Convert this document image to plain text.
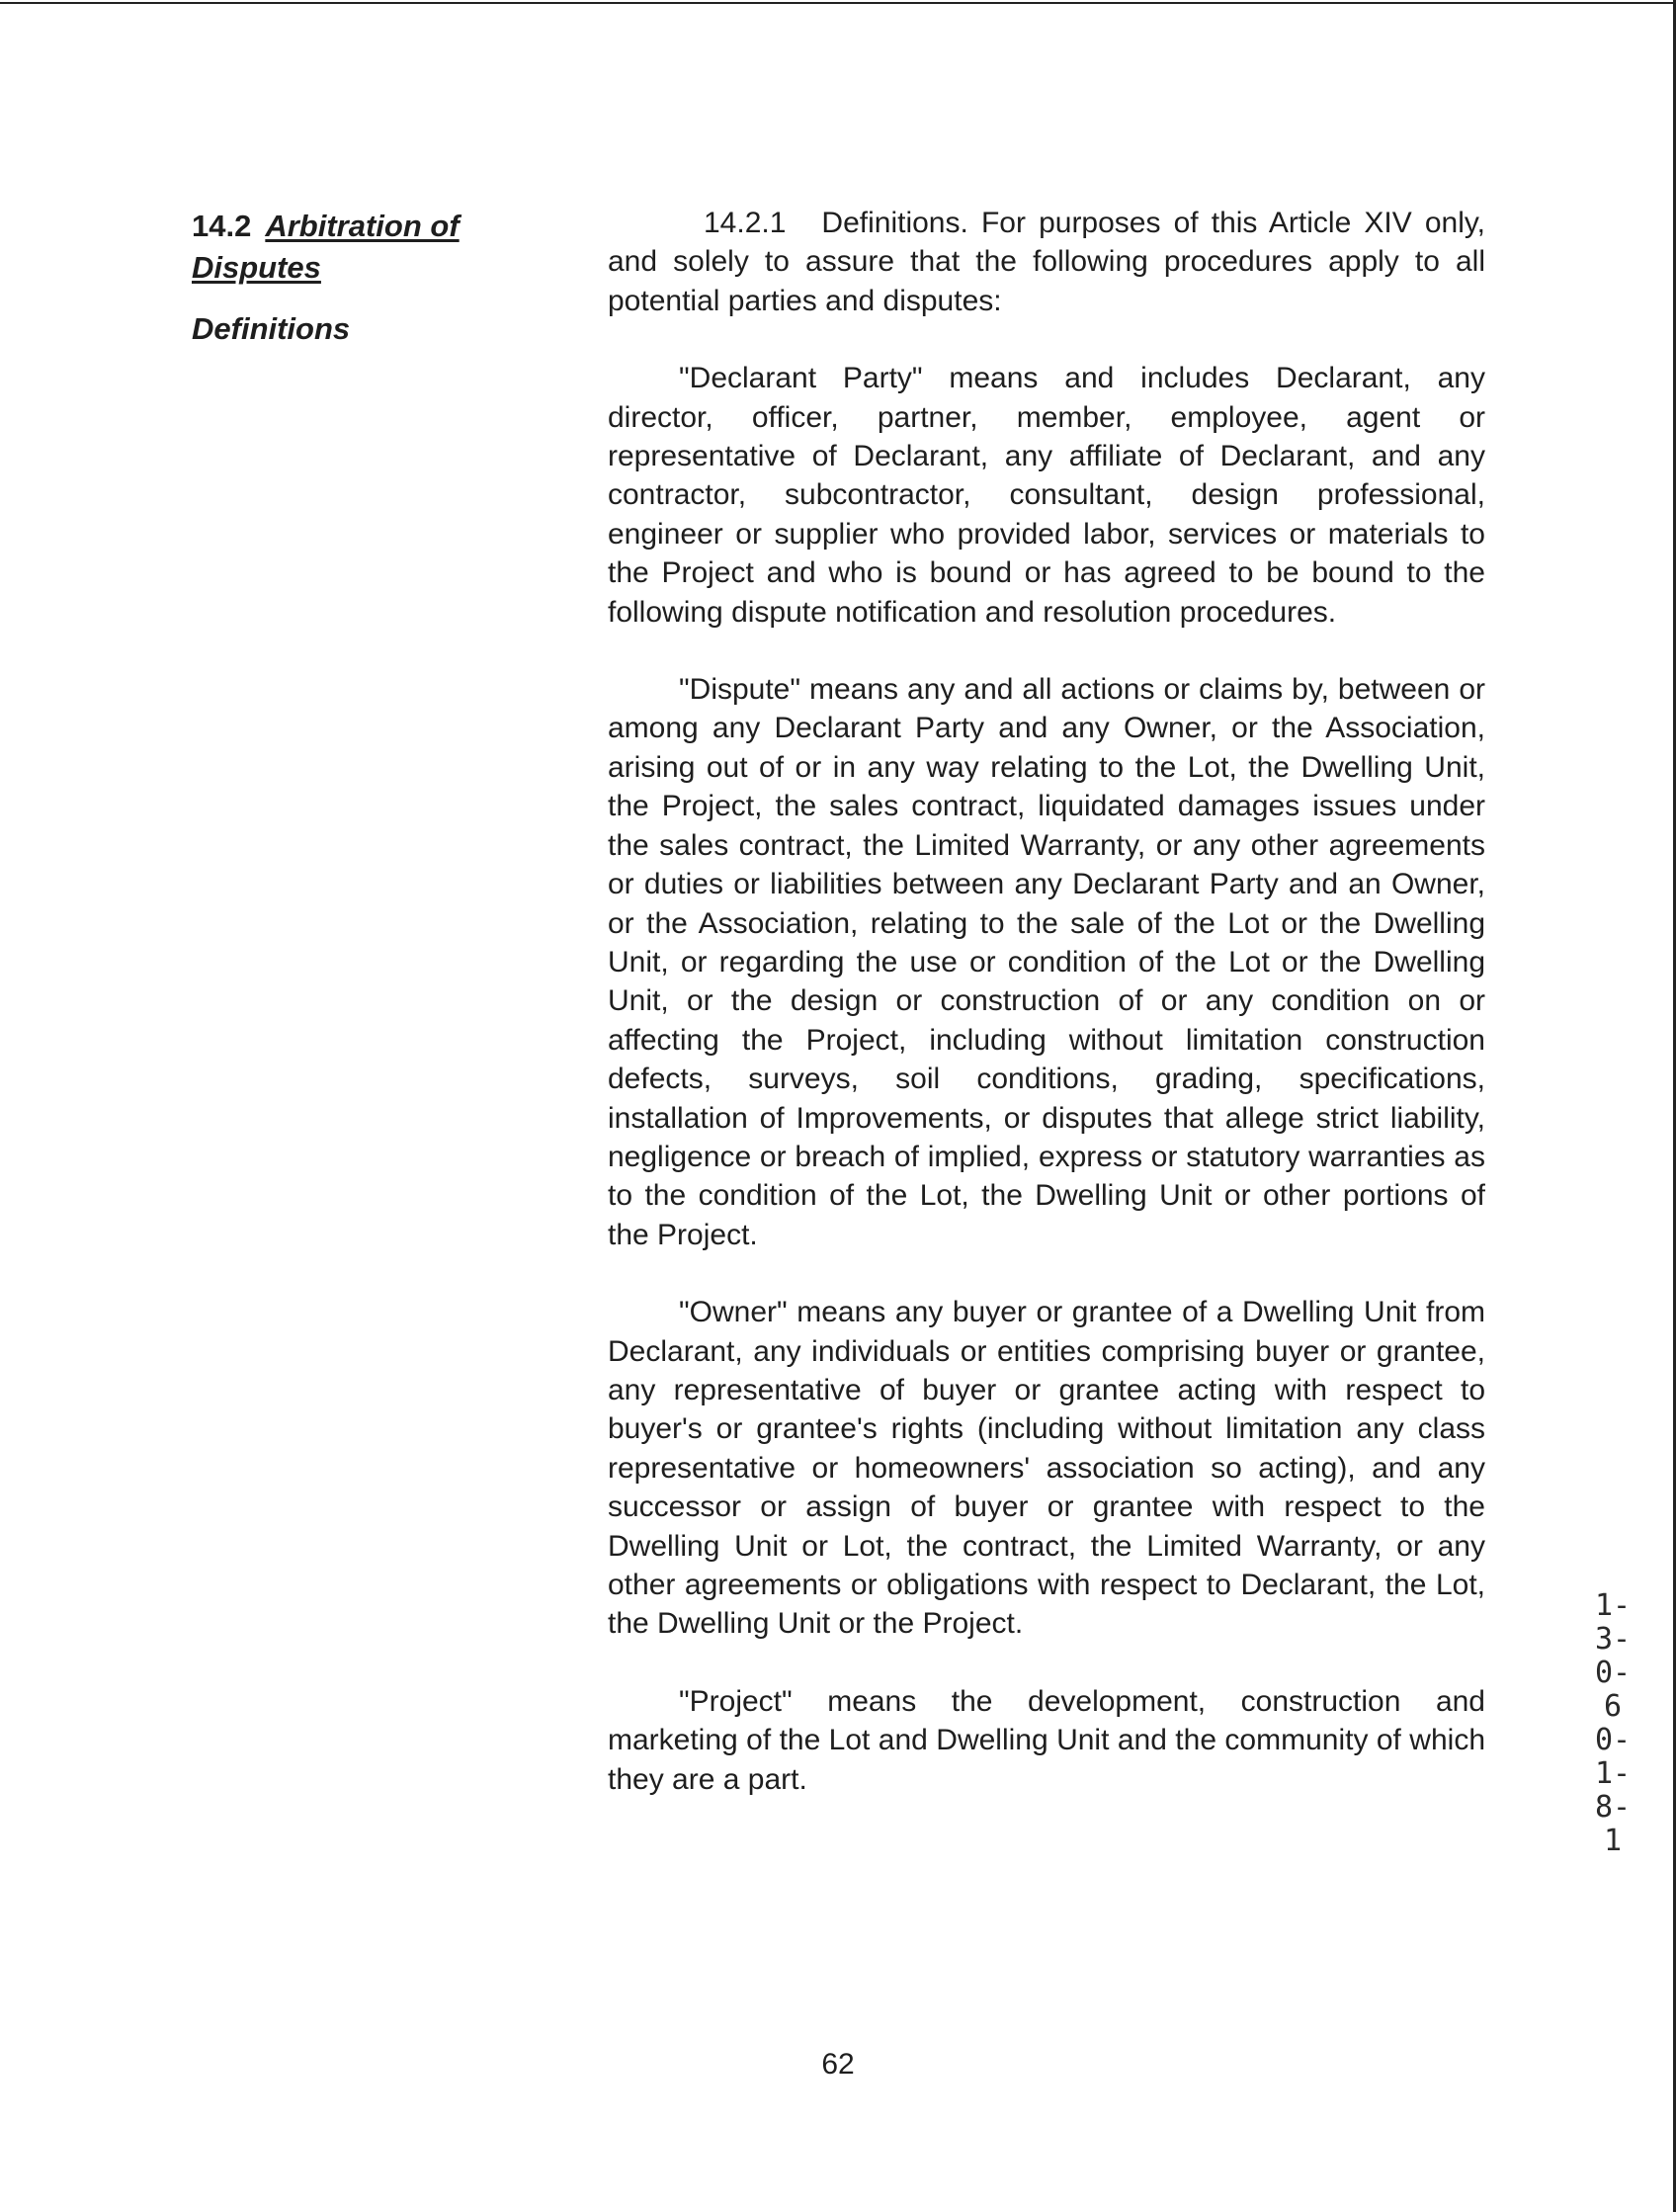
14.2 Arbitration of
Disputes
Definitions

14.2.1 Definitions. For purposes of this Article XIV only, and solely to assure that the following procedures apply to all potential parties and disputes:

"Declarant Party" means and includes Declarant, any director, officer, partner, member, employee, agent or representative of Declarant, any affiliate of Declarant, and any contractor, subcontractor, consultant, design professional, engineer or supplier who provided labor, services or materials to the Project and who is bound or has agreed to be bound to the following dispute notification and resolution procedures.

"Dispute" means any and all actions or claims by, between or among any Declarant Party and any Owner, or the Association, arising out of or in any way relating to the Lot, the Dwelling Unit, the Project, the sales contract, liquidated damages issues under the sales contract, the Limited Warranty, or any other agreements or duties or liabilities between any Declarant Party and an Owner, or the Association, relating to the sale of the Lot or the Dwelling Unit, or regarding the use or condition of the Lot or the Dwelling Unit, or the design or construction of or any condition on or affecting the Project, including without limitation construction defects, surveys, soil conditions, grading, specifications, installation of Improvements, or disputes that allege strict liability, negligence or breach of implied, express or statutory warranties as to the condition of the Lot, the Dwelling Unit or other portions of the Project.

"Owner" means any buyer or grantee of a Dwelling Unit from Declarant, any individuals or entities comprising buyer or grantee, any representative of buyer or grantee acting with respect to buyer's or grantee's rights (including without limitation any class representative or homeowners' association so acting), and any successor or assign of buyer or grantee with respect to the Dwelling Unit or Lot, the contract, the Limited Warranty, or any other agreements or obligations with respect to Declarant, the Lot, the Dwelling Unit or the Project.

"Project" means the development, construction and marketing of the Lot and Dwelling Unit and the community of which they are a part.

1-3-0-6 0-1-8-1
62
